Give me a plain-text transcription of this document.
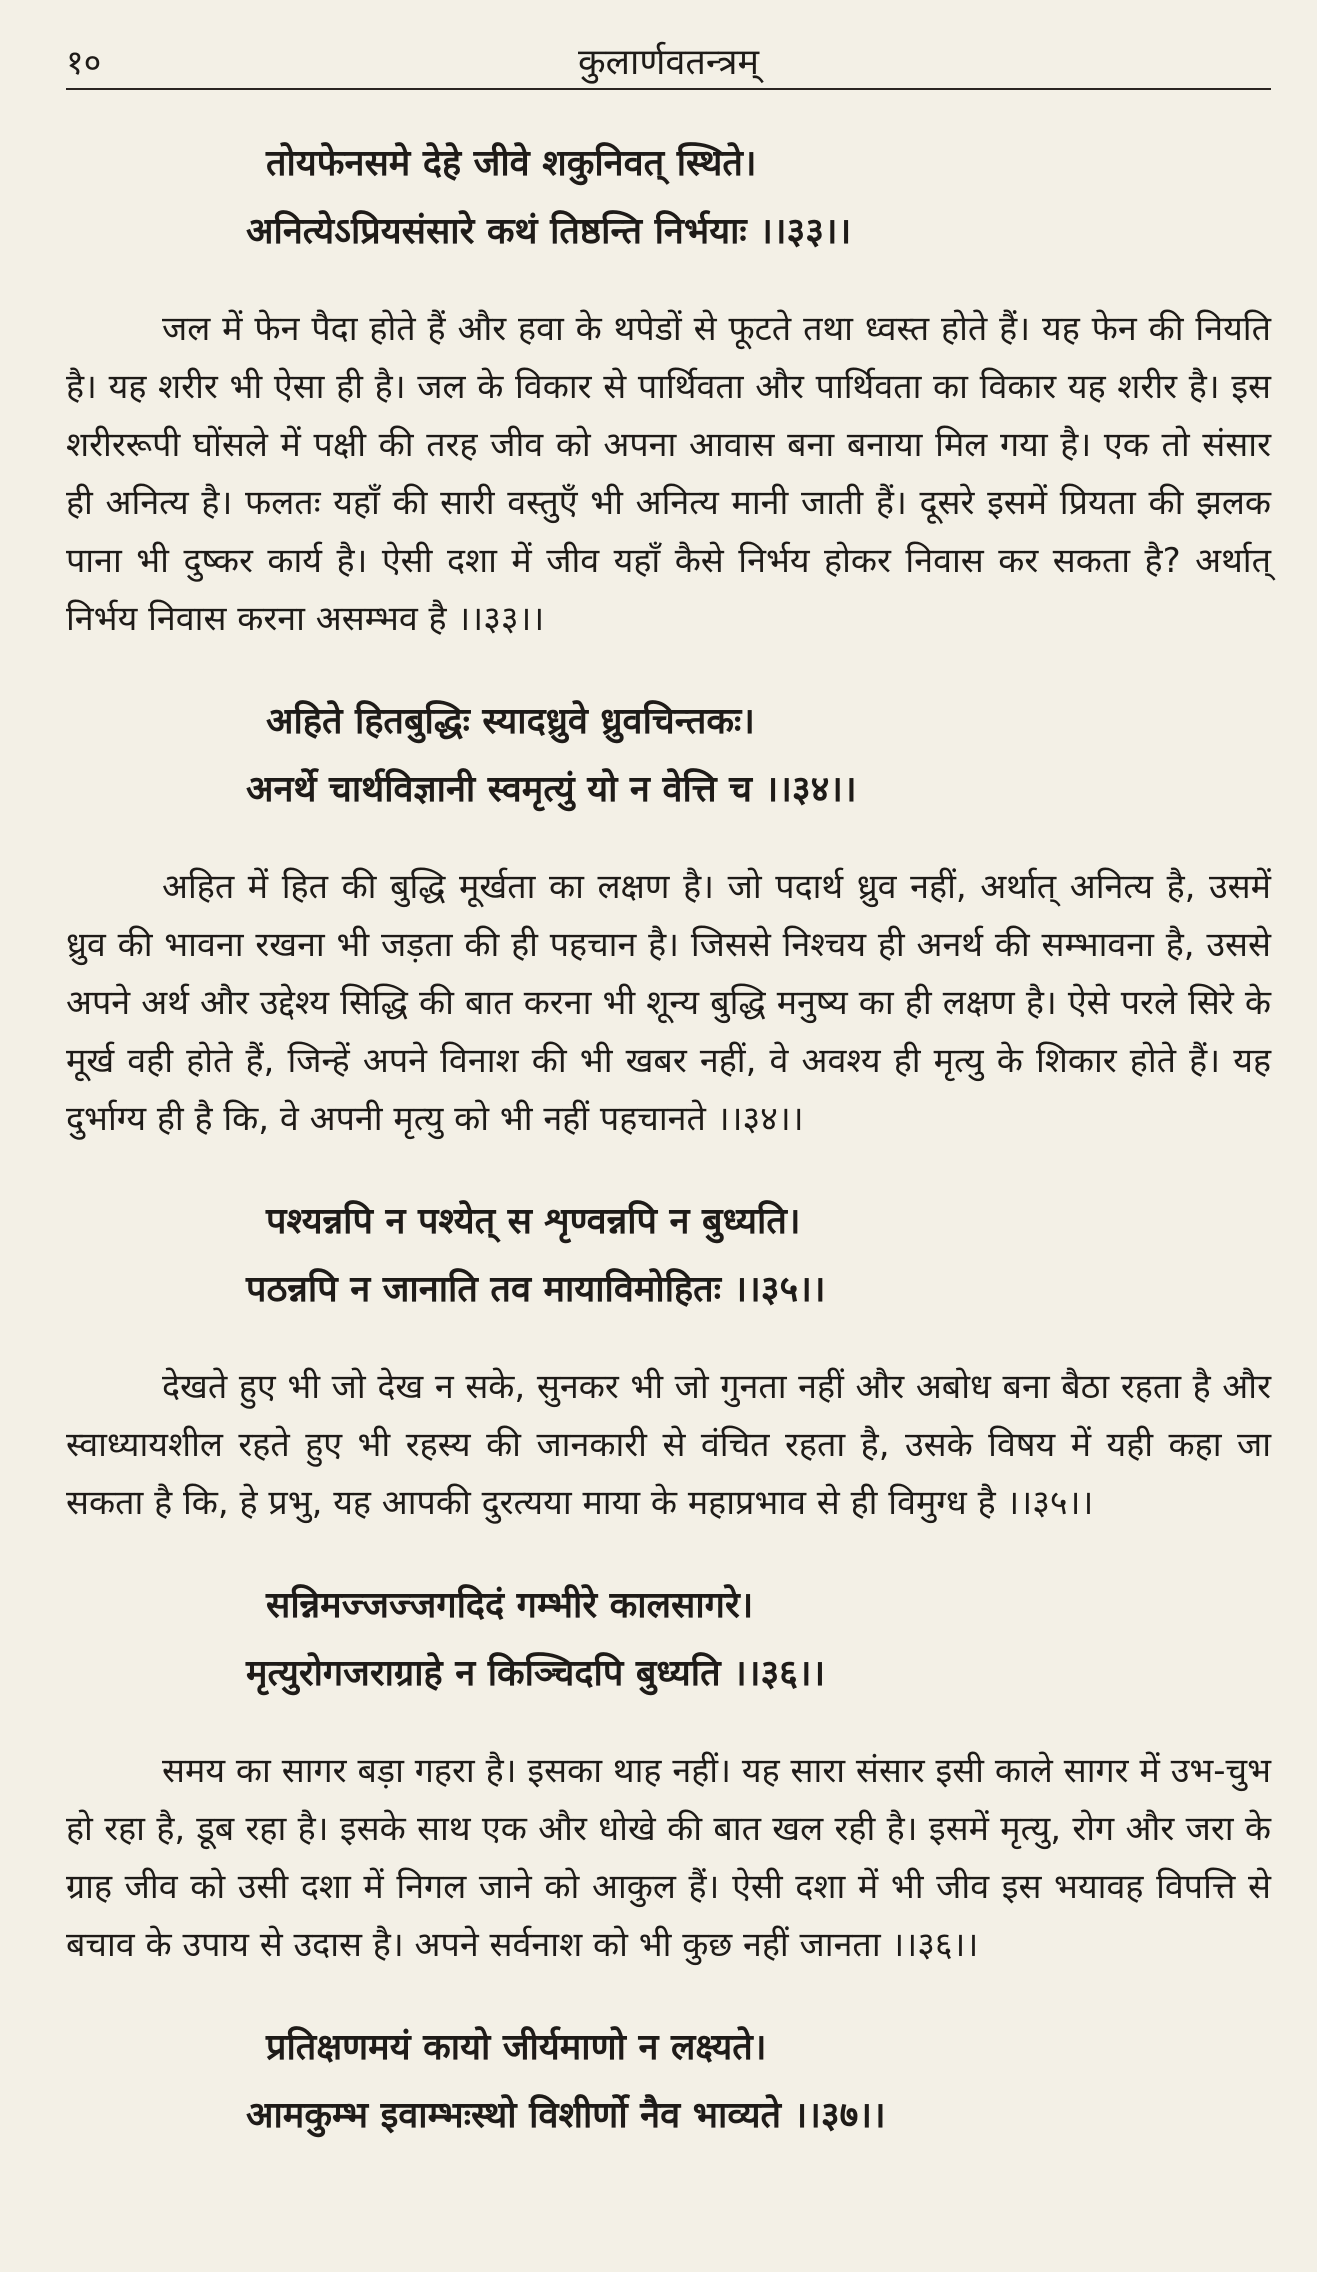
१०	कुलार्णवतन्त्रम्
तोयफेनसमे देहे जीवे शकुनिवत् स्थिते।
अनित्येऽप्रियसंसारे कथं तिष्ठन्ति निर्भयाः ।।३३।।

जल में फेन पैदा होते हैं और हवा के थपेडों से फूटते तथा ध्वस्त होते हैं। यह फेन की नियति है। यह शरीर भी ऐसा ही है। जल के विकार से पार्थिवता और पार्थिवता का विकार यह शरीर है। इस शरीररूपी घोंसले में पक्षी की तरह जीव को अपना आवास बना बनाया मिल गया है। एक तो संसार ही अनित्य है। फलतः यहाँ की सारी वस्तुएँ भी अनित्य मानी जाती हैं। दूसरे इसमें प्रियता की झलक पाना भी दुष्कर कार्य है। ऐसी दशा में जीव यहाँ कैसे निर्भय होकर निवास कर सकता है? अर्थात् निर्भय निवास करना असम्भव है ।।३३।।

अहिते हितबुद्धिः स्यादध्रुवे ध्रुवचिन्तकः।
अनर्थे चार्थविज्ञानी स्वमृत्युं यो न वेत्ति च ।।३४।।

अहित में हित की बुद्धि मूर्खता का लक्षण है। जो पदार्थ ध्रुव नहीं, अर्थात् अनित्य है, उसमें ध्रुव की भावना रखना भी जड़ता की ही पहचान है। जिससे निश्चय ही अनर्थ की सम्भावना है, उससे अपने अर्थ और उद्देश्य सिद्धि की बात करना भी शून्य बुद्धि मनुष्य का ही लक्षण है। ऐसे परले सिरे के मूर्ख वही होते हैं, जिन्हें अपने विनाश की भी खबर नहीं, वे अवश्य ही मृत्यु के शिकार होते हैं। यह दुर्भाग्य ही है कि, वे अपनी मृत्यु को भी नहीं पहचानते ।।३४।।

पश्यन्नपि न पश्येत् स शृण्वन्नपि न बुध्यति।
पठन्नपि न जानाति तव मायाविमोहितः ।।३५।।

देखते हुए भी जो देख न सके, सुनकर भी जो गुनता नहीं और अबोध बना बैठा रहता है और स्वाध्यायशील रहते हुए भी रहस्य की जानकारी से वंचित रहता है, उसके विषय में यही कहा जा सकता है कि, हे प्रभु, यह आपकी दुरत्यया माया के महाप्रभाव से ही विमुग्ध है ।।३५।।

सन्निमज्जज्जगदिदं गम्भीरे कालसागरे।
मृत्युरोगजराग्राहे न किञ्चिदपि बुध्यति ।।३६।।

समय का सागर बड़ा गहरा है। इसका थाह नहीं। यह सारा संसार इसी काले सागर में उभ-चुभ हो रहा है, डूब रहा है। इसके साथ एक और धोखे की बात खल रही है। इसमें मृत्यु, रोग और जरा के ग्राह जीव को उसी दशा में निगल जाने को आकुल हैं। ऐसी दशा में भी जीव इस भयावह विपत्ति से बचाव के उपाय से उदास है। अपने सर्वनाश को भी कुछ नहीं जानता ।।३६।।

प्रतिक्षणमयं कायो जीर्यमाणो न लक्ष्यते।
आमकुम्भ इवाम्भःस्थो विशीर्णो नैव भाव्यते ।।३७।।
